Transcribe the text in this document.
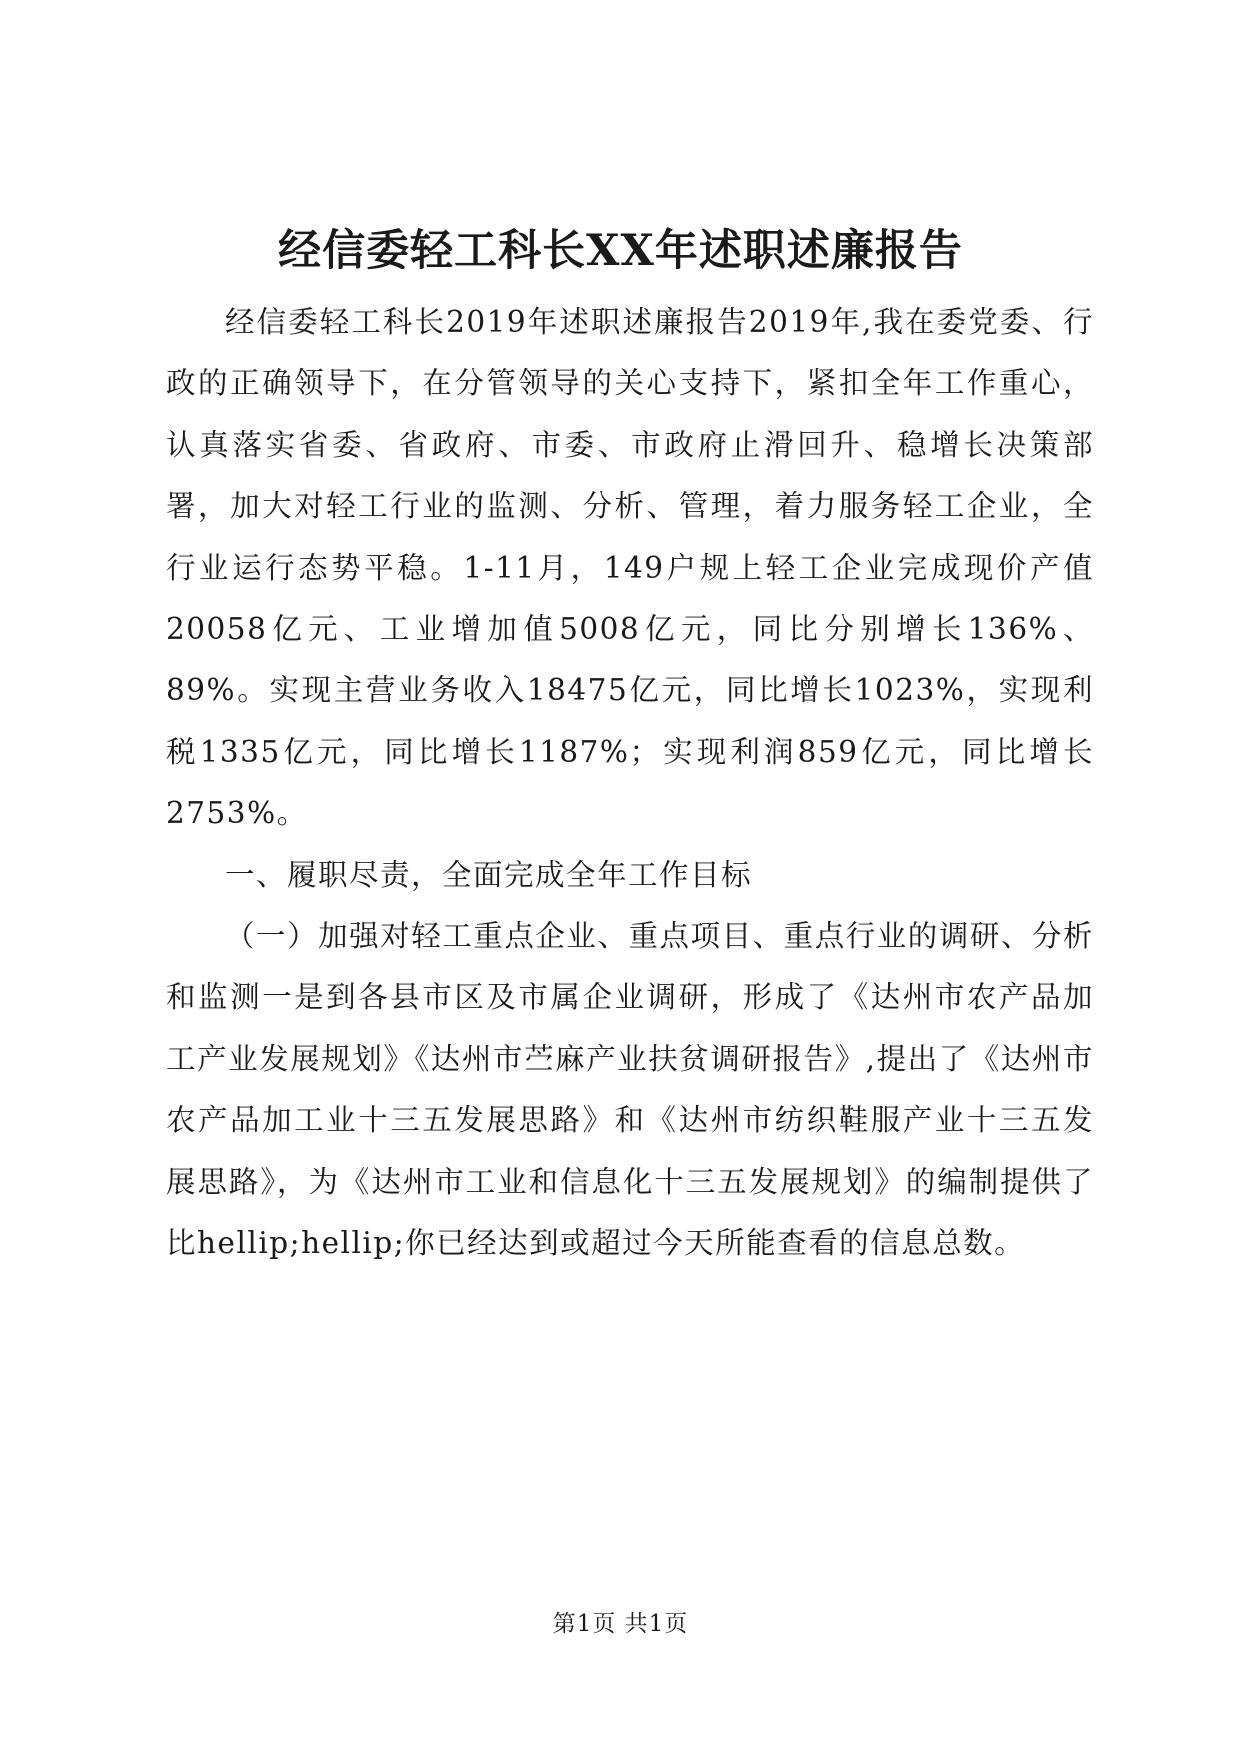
经信委轻工科长XX年述职述廉报告

经信委轻工科长2019年述职述廉报告2019年,我在委党委、行政的正确领导下，在分管领导的关心支持下，紧扣全年工作重心，认真落实省委、省政府、市委、市政府止滑回升、稳增长决策部署，加大对轻工行业的监测、分析、管理，着力服务轻工企业，全行业运行态势平稳。1-11月，149户规上轻工企业完成现价产值20058亿元、工业增加值5008亿元，同比分别增长136%、89%。实现主营业务收入18475亿元，同比增长1023%，实现利税1335亿元，同比增长1187%；实现利润859亿元，同比增长2753%。

一、履职尽责，全面完成全年工作目标

（一）加强对轻工重点企业、重点项目、重点行业的调研、分析和监测一是到各县市区及市属企业调研，形成了《达州市农产品加工产业发展规划》《达州市苎麻产业扶贫调研报告》,提出了《达州市农产品加工业十三五发展思路》和《达州市纺织鞋服产业十三五发展思路》，为《达州市工业和信息化十三五发展规划》的编制提供了比hellip;hellip;你已经达到或超过今天所能查看的信息总数。

第1页 共1页
